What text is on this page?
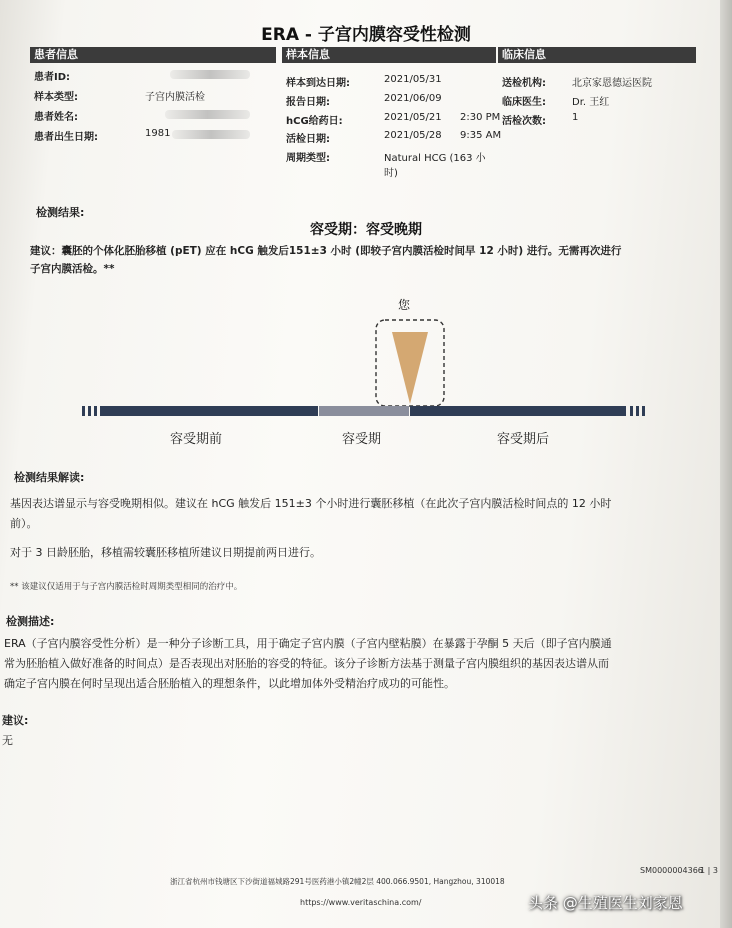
ERA - 子宫内膜容受性检测
患者信息	样本信息	临床信息
患者ID:
样本类型:	子宫内膜活检
患者姓名:
患者出生日期:	1981
样本到达日期:	2021/05/31
报告日期:	2021/06/09
hCG给药日:	2021/05/21 2:30 PM
活检日期:	2021/05/28 9:35 AM
周期类型:	Natural HCG (163 小
时)
送检机构:	北京家恩德运医院
临床医生:	Dr. 王红
活检次数:	1
检测结果:
容受期：容受晚期
建议：囊胚的个体化胚胎移植 (pET) 应在 hCG 触发后151±3 小时 (即较子宫内膜活检时间早 12 小时) 进行。无需再次进行
子宫内膜活检。**
您
容受期前	容受期	容受期后
检测结果解读:
基因表达谱显示与容受晚期相似。建议在 hCG 触发后 151±3 个小时进行囊胚移植（在此次子宫内膜活检时间点的 12 小时
前）。
对于 3 日龄胚胎，移植需较囊胚移植所建议日期提前两日进行。
** 该建议仅适用于与子宫内膜活检时周期类型相同的治疗中。
检测描述:
ERA（子宫内膜容受性分析）是一种分子诊断工具，用于确定子宫内膜（子宫内壁粘膜）在暴露于孕酮 5 天后（即子宫内膜通
常为胚胎植入做好准备的时间点）是否表现出对胚胎的容受的特征。该分子诊断方法基于测量子宫内膜组织的基因表达谱从而
确定子宫内膜在何时呈现出适合胚胎植入的理想条件，以此增加体外受精治疗成功的可能性。
建议:
无
SM0000004366
1 | 3
浙江省杭州市钱塘区下沙街道福城路291号医药港小镇2幢2层 400.066.9501, Hangzhou, 310018
https://www.veritaschina.com/	头条 @生殖医生刘家恩
